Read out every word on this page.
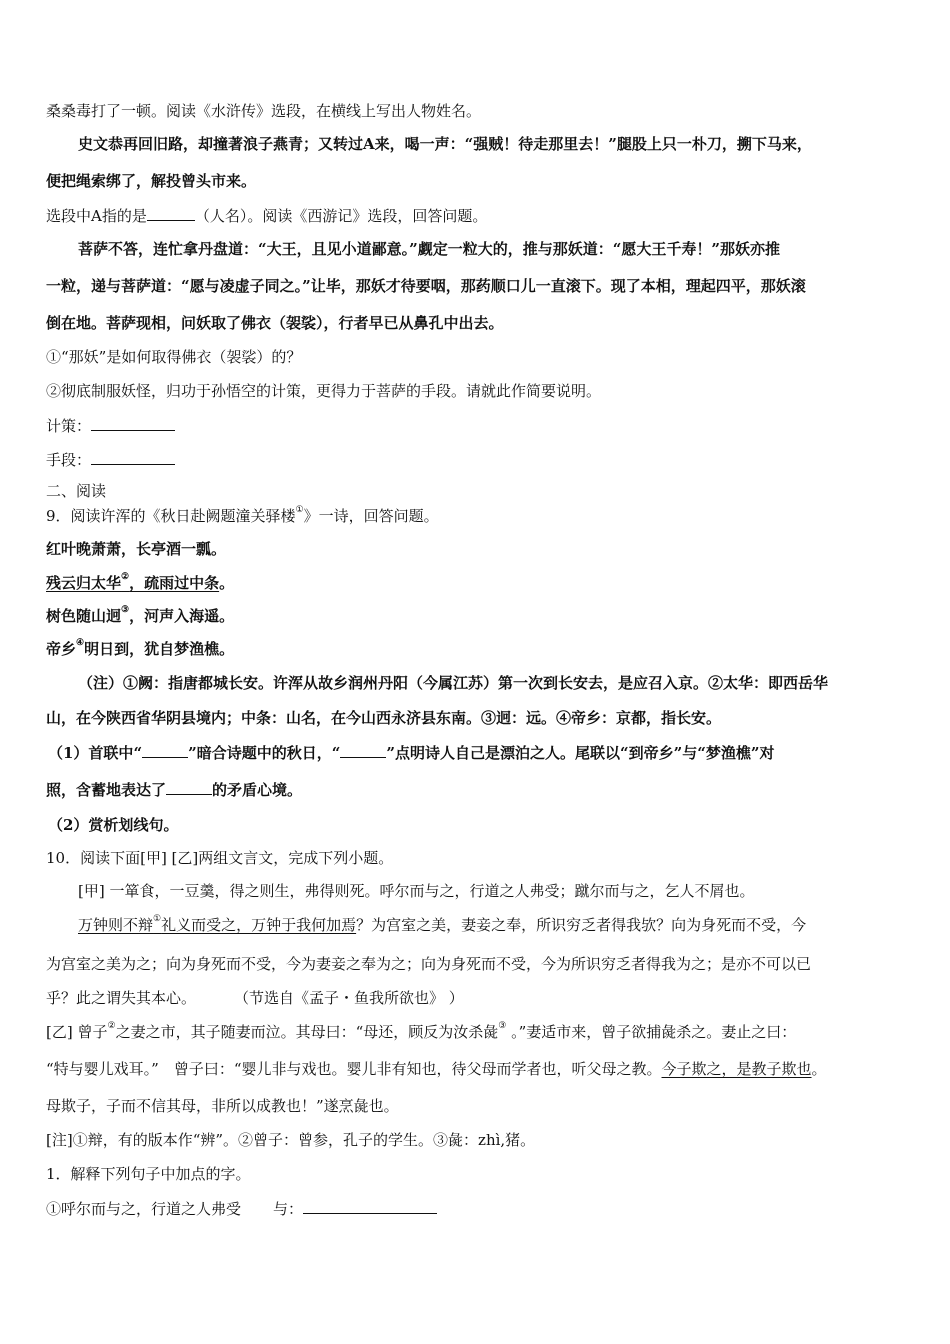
桑桑毒打了一顿。阅读《水浒传》选段，在横线上写出人物姓名。
史文恭再回旧路，却撞著浪子燕青；又转过A来，喝一声：“强贼！待走那里去！”腿股上只一朴刀，搠下马来，
便把绳索绑了，解投曾头市来。
选段中A指的是	（人名）。阅读《西游记》选段，回答问题。
菩萨不答，连忙拿丹盘道：“大王，且见小道鄙意。”觑定一粒大的，推与那妖道：“愿大王千寿！”那妖亦推
一粒，递与菩萨道：“愿与凌虚子同之。”让毕，那妖才待要咽，那药顺口儿一直滚下。现了本相，理起四平，那妖滚
倒在地。菩萨现相，问妖取了佛衣（袈裟），行者早已从鼻孔中出去。
①“那妖”是如何取得佛衣（袈裟）的？
②彻底制服妖怪，归功于孙悟空的计策，更得力于菩萨的手段。请就此作简要说明。
计策：
手段：
二、阅读
9．阅读许浑的《秋日赴阙题潼关驿楼①》一诗，回答问题。
红叶晚萧萧，长亭酒一瓢。
残云归太华②，疏雨过中条。
树色随山迥③，河声入海遥。
帝乡④明日到，犹自梦渔樵。
（注）①阙：指唐都城长安。许浑从故乡润州丹阳（今属江苏）第一次到长安去，是应召入京。②太华：即西岳华
山，在今陕西省华阴县境内；中条：山名，在今山西永济县东南。③迥：远。④帝乡：京都，指长安。
（1）首联中“	”暗合诗题中的秋日，“	”点明诗人自己是漂泊之人。尾联以“到帝乡”与“梦渔樵”对
照，含蓄地表达了	的矛盾心境。
（2）赏析划线句。
10．阅读下面[甲] [乙]两组文言文，完成下列小题。
[甲] 一箪食，一豆羹，得之则生，弗得则死。呼尔而与之，行道之人弗受；蹴尔而与之，乞人不屑也。
万钟则不辩①礼义而受之，万钟于我何加焉？为宫室之美，妻妾之奉，所识穷乏者得我欤？向为身死而不受，今
为宫室之美为之；向为身死而不受，今为妻妾之奉为之；向为身死而不受，今为所识穷乏者得我为之；是亦不可以已
乎？此之谓失其本心。	（节选自《孟子・鱼我所欲也》 ）
[乙] 曾子②之妻之市，其子随妻而泣。其母曰：“母还，顾反为汝杀彘③ 。”妻适市来，曾子欲捕彘杀之。妻止之曰：
“特与婴儿戏耳。”　曾子曰：“婴儿非与戏也。婴儿非有知也，待父母而学者也，听父母之教。今子欺之，是教子欺也。
母欺子，子而不信其母，非所以成教也！”遂烹彘也。
[注]①辩，有的版本作“辨”。②曾子：曾参，孔子的学生。③彘：zhì,猪。
1．解释下列句子中加点的字。
①呼尔而与之，行道之人弗受 与：
